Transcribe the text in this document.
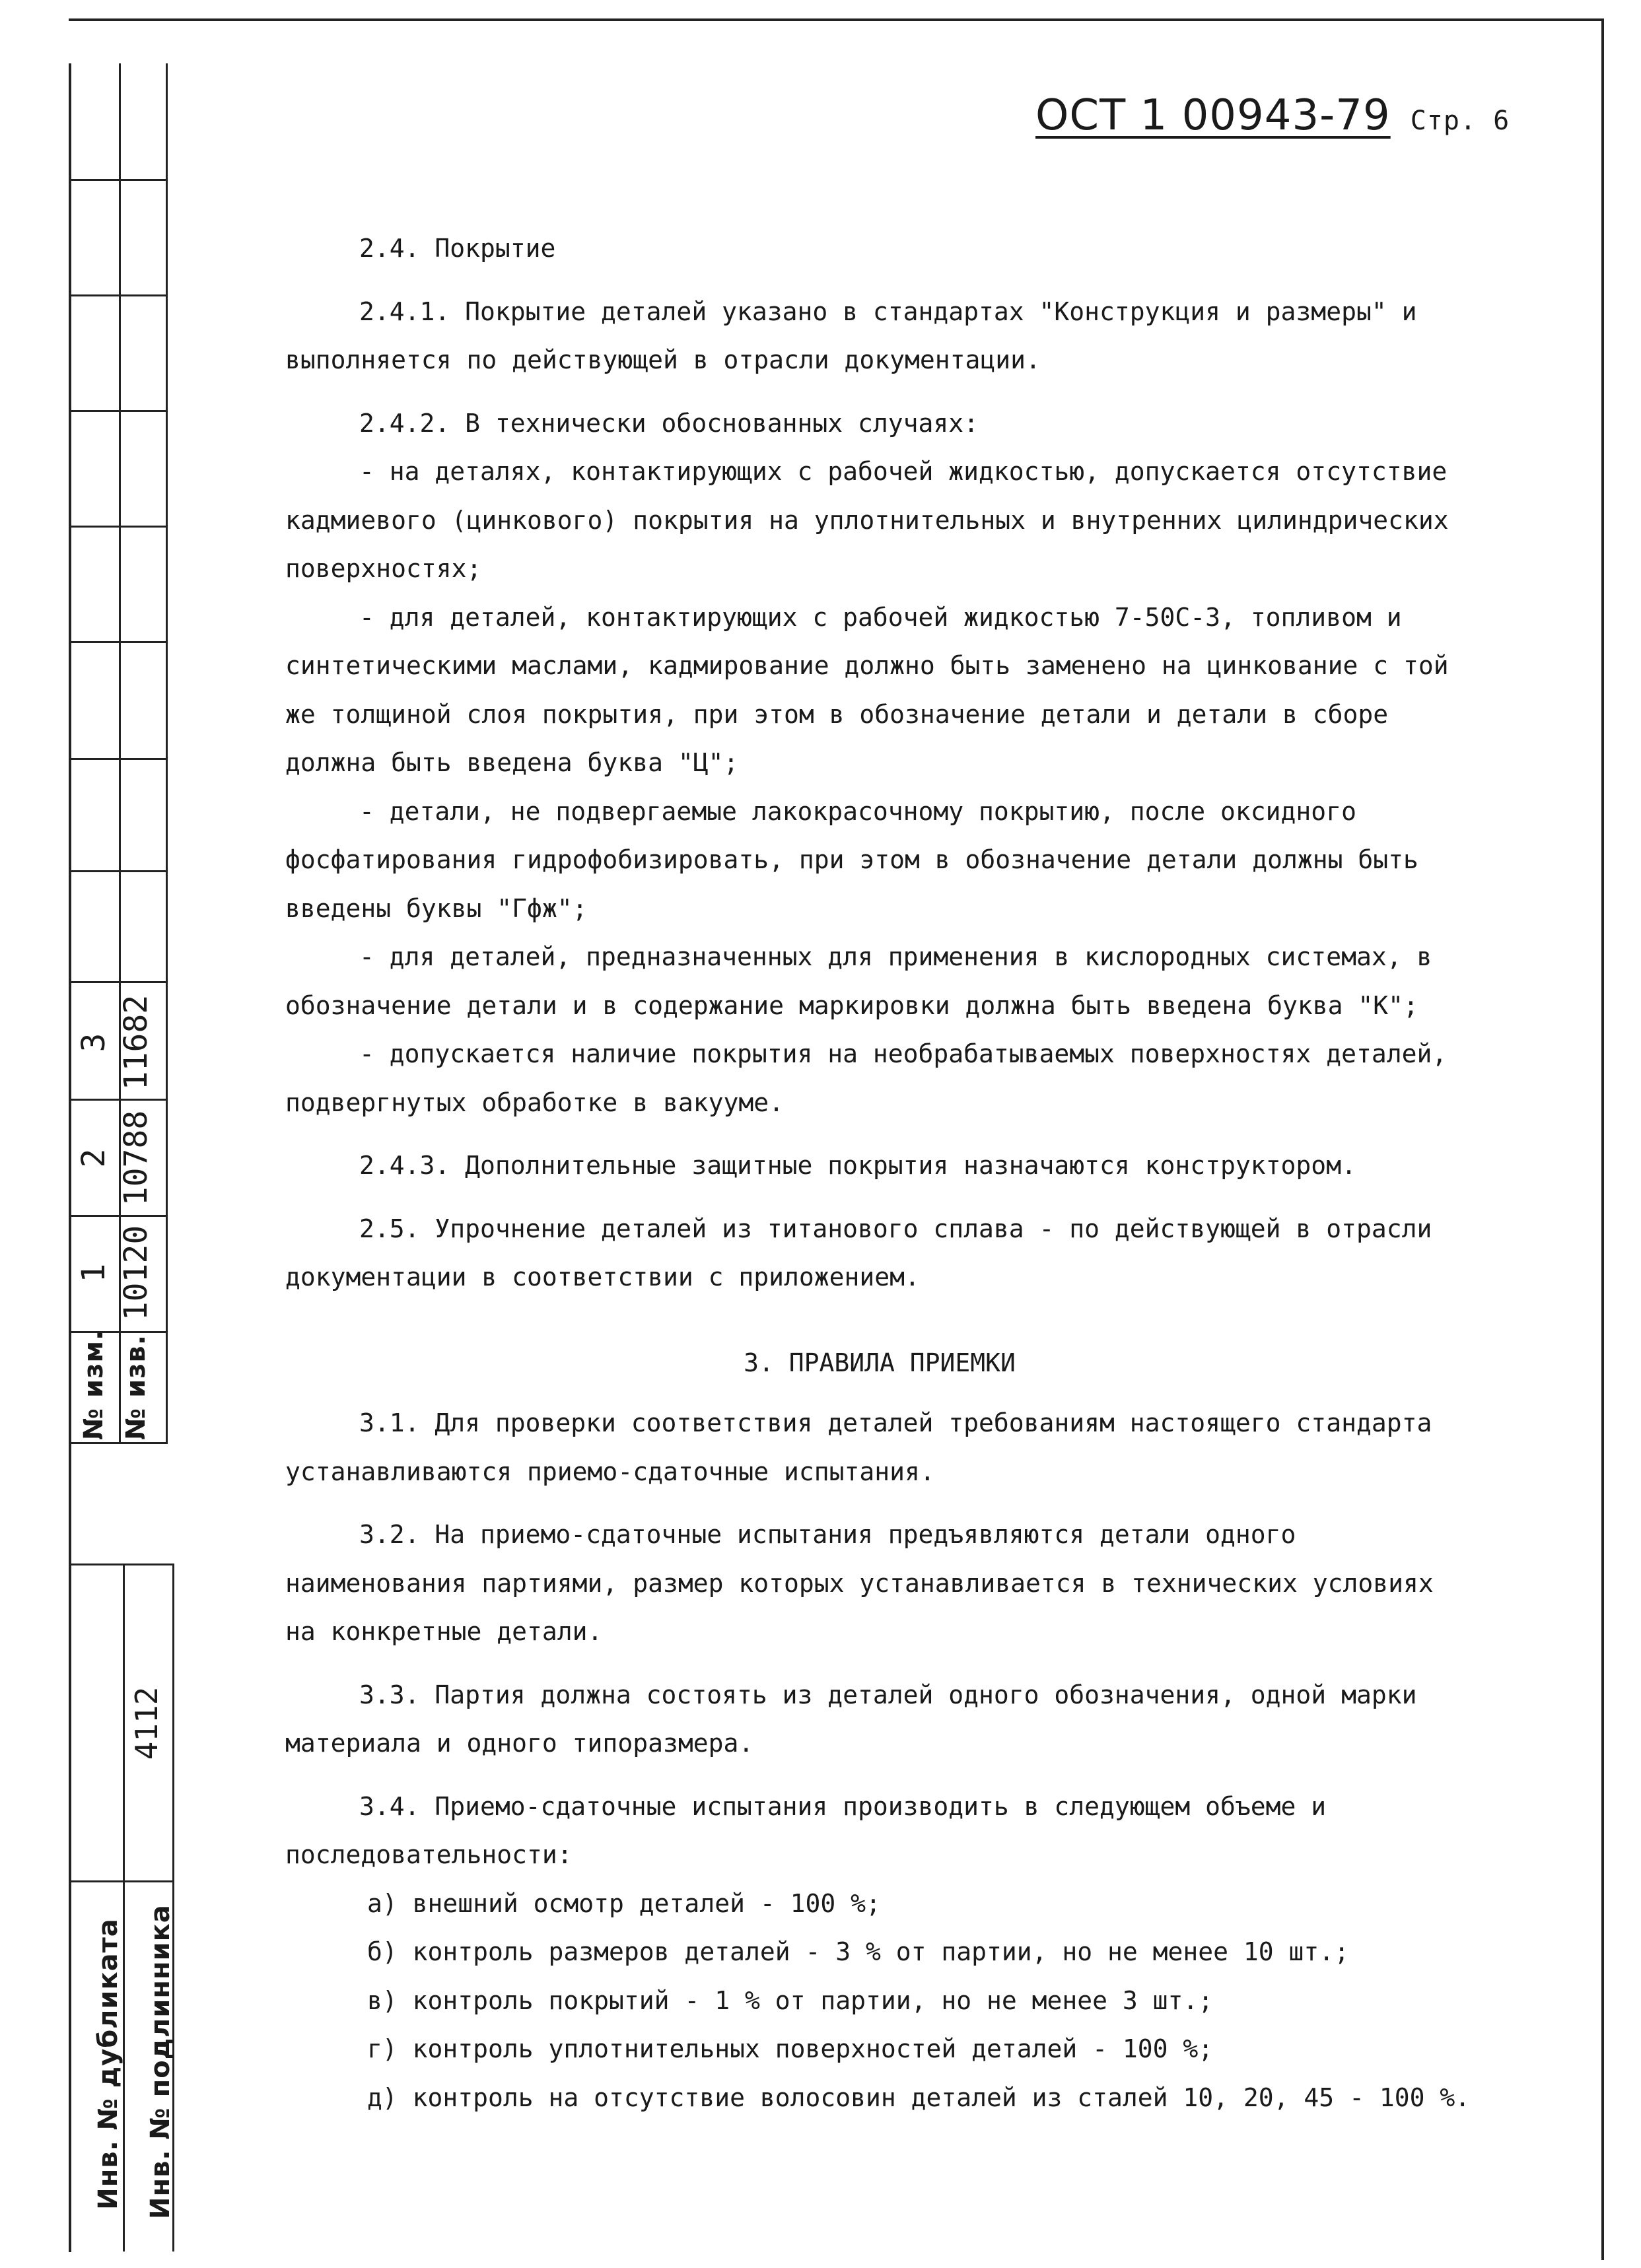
3 11682
2 10788
1 10120
№ изм. № изв.
4112
Инв. № дубликата Инв. № подлинника
ОСТ 1 00943-79 Стр. 6

2.4. Покрытие

2.4.1. Покрытие деталей указано в стандартах "Конструкция и размеры" и выполняется по действующей в отрасли документации.

2.4.2. В технически обоснованных случаях:

- на деталях, контактирующих с рабочей жидкостью, допускается отсутствие кадмиевого (цинкового) покрытия на уплотнительных и внутренних цилиндрических поверхностях;

- для деталей, контактирующих с рабочей жидкостью 7-50С-3, топливом и синтетическими маслами, кадмирование должно быть заменено на цинкование с той же толщиной слоя покрытия, при этом в обозначение детали и детали в сборе должна быть введена буква "Ц";

- детали, не подвергаемые лакокрасочному покрытию, после оксидного фосфатирования гидрофобизировать, при этом в обозначение детали должны быть введены буквы "Гфж";

- для деталей, предназначенных для применения в кислородных системах, в обозначение детали и в содержание маркировки должна быть введена буква "К";

- допускается наличие покрытия на необрабатываемых поверхностях деталей, подвергнутых обработке в вакууме.

2.4.3. Дополнительные защитные покрытия назначаются конструктором.

2.5. Упрочнение деталей из титанового сплава - по действующей в отрасли документации в соответствии с приложением.

3. ПРАВИЛА ПРИЕМКИ

3.1. Для проверки соответствия деталей требованиям настоящего стандарта устанавливаются приемо-сдаточные испытания.

3.2. На приемо-сдаточные испытания предъявляются детали одного наименования партиями, размер которых устанавливается в технических условиях на конкретные детали.

3.3. Партия должна состоять из деталей одного обозначения, одной марки материала и одного типоразмера.

3.4. Приемо-сдаточные испытания производить в следующем объеме и последовательности:

а) внешний осмотр деталей - 100 %;

б) контроль размеров деталей - 3 % от партии, но не менее 10 шт.;

в) контроль покрытий - 1 % от партии, но не менее 3 шт.;

г) контроль уплотнительных поверхностей деталей - 100 %;

д) контроль на отсутствие волосовин деталей из сталей 10, 20, 45 - 100 %.
